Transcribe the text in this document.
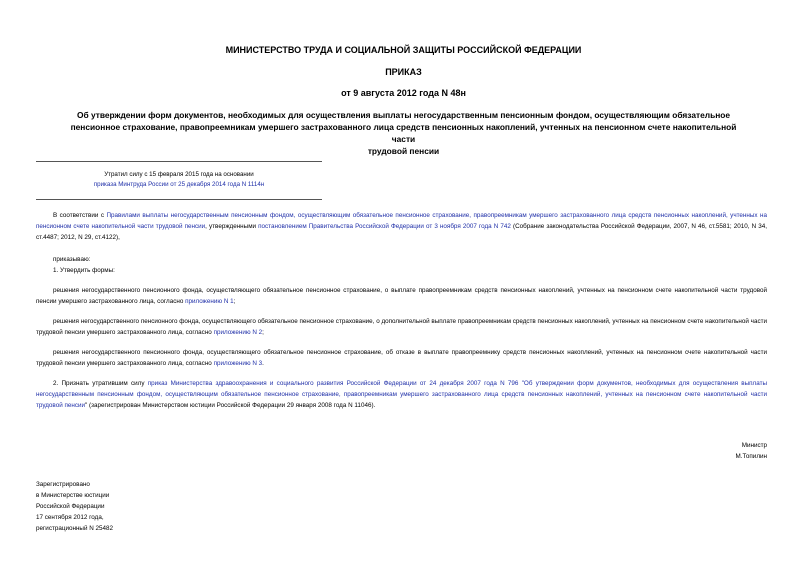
МИНИСТЕРСТВО ТРУДА И СОЦИАЛЬНОЙ ЗАЩИТЫ РОССИЙСКОЙ ФЕДЕРАЦИИ
ПРИКАЗ
от 9 августа 2012 года N 48н
Об утверждении форм документов, необходимых для осуществления выплаты негосударственным пенсионным фондом, осуществляющим обязательное
пенсионное страхование, правопреемникам умершего застрахованного лица средств пенсионных накоплений, учтенных на пенсионном счете накопительной части
трудовой пенсии
Утратил силу с 15 февраля 2015 года на основании
приказа Минтруда России от 25 декабря 2014 года N 1114н
В соответствии с Правилами выплаты негосударственным пенсионным фондом, осуществляющим обязательное пенсионное страхование, правопреемникам умершего застрахованного лица средств пенсионных накоплений, учтенных на пенсионном счете накопительной части трудовой пенсии, утвержденными постановлением Правительства Российской Федерации от 3 ноября 2007 года N 742 (Собрание законодательства Российской Федерации, 2007, N 46, ст.5581; 2010, N 34, ст.4487; 2012, N 29, ст.4122),
приказываю:
1. Утвердить формы:
решения негосударственного пенсионного фонда, осуществляющего обязательное пенсионное страхование, о выплате правопреемникам средств пенсионных накоплений, учтенных на пенсионном счете накопительной части трудовой пенсии умершего застрахованного лица, согласно приложению N 1;
решения негосударственного пенсионного фонда, осуществляющего обязательное пенсионное страхование, о дополнительной выплате правопреемникам средств пенсионных накоплений, учтенных на пенсионном счете накопительной части трудовой пенсии умершего застрахованного лица, согласно приложению N 2;
решения негосударственного пенсионного фонда, осуществляющего обязательное пенсионное страхование, об отказе в выплате правопреемнику средств пенсионных накоплений, учтенных на пенсионном счете накопительной части трудовой пенсии умершего застрахованного лица, согласно приложению N 3.
2. Признать утратившим силу приказ Министерства здравоохранения и социального развития Российской Федерации от 24 декабря 2007 года N 796 "Об утверждении форм документов, необходимых для осуществления выплаты негосударственным пенсионным фондом, осуществляющим обязательное пенсионное страхование, правопреемникам умершего застрахованного лица средств пенсионных накоплений, учтенных на пенсионном счете накопительной части трудовой пенсии" (зарегистрирован Министерством юстиции Российской Федерации 29 января 2008 года N 11046).
Министр
М.Топилин
Зарегистрировано
в Министерстве юстиции
Российской Федерации
17 сентября 2012 года,
регистрационный N 25482
